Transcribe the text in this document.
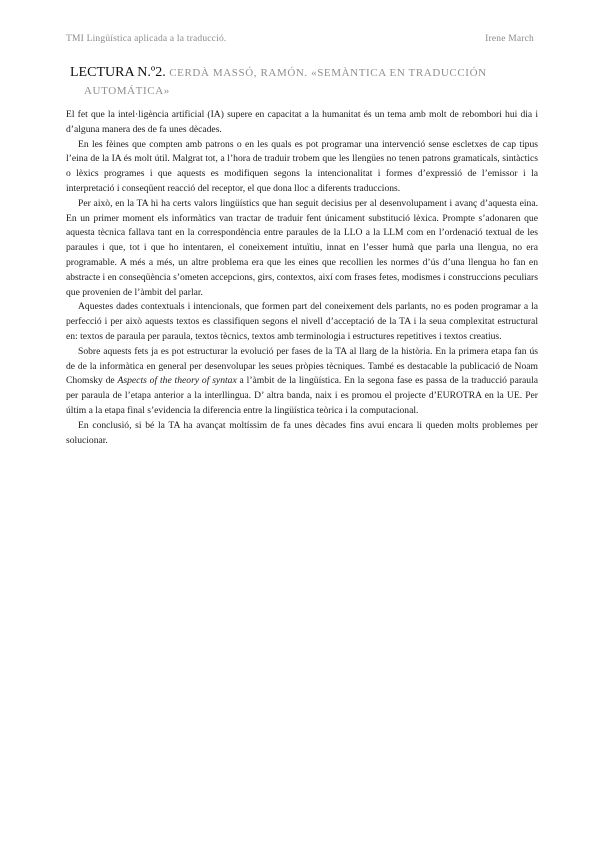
TMI Lingüística aplicada a la traducció.	Irene March
LECTURA N.º2. CERDÀ MASSÓ, RAMÓN. «SEMÀNTICA EN TRADUCCIÓN
AUTOMÁTICA»

El fet que la intel·ligència artificial (IA) supere en capacitat a la humanitat és un tema amb molt de rebombori hui dia i d’alguna manera des de fa unes dècades.

En les fèines que compten amb patrons o en les quals es pot programar una intervenció sense escletxes de cap tipus l’eina de la IA és molt útil. Malgrat tot, a l’hora de traduir trobem que les llengües no tenen patrons gramaticals, sintàctics o lèxics programes i que aquests es modifiquen segons la intencionalitat i formes d’expressió de l’emissor i la interpretació i conseqüent reacció del receptor, el que dona lloc a diferents traduccions.

Per això, en la TA hi ha certs valors lingüístics que han seguit decisius per al desenvolupament i avanç d’aquesta eina. En un primer moment els informàtics van tractar de traduir fent únicament substitució lèxica. Prompte s’adonaren que aquesta tècnica fallava tant en la correspondència entre paraules de la LLO a la LLM com en l’ordenació textual de les paraules i que, tot i que ho intentaren, el coneixement intuïtiu, innat en l’esser humà que parla una llengua, no era programable. A més a més, un altre problema era que les eines que recollien les normes d’ús d’una llengua ho fan en abstracte i en conseqüència s’ometen accepcions, girs, contextos, així com frases fetes, modismes i construccions peculiars que provenien de l’àmbit del parlar.

Aquestes dades contextuals i intencionals, que formen part del coneixement dels parlants, no es poden programar a la perfecció i per això aquests textos es classifiquen segons el nivell d’acceptació de la TA i la seua complexitat estructural en: textos de paraula per paraula, textos tècnics, textos amb terminologia i estructures repetitives i textos creatius.

Sobre aquests fets ja es pot estructurar la evolució per fases de la TA al llarg de la història. En la primera etapa fan ús de de la informàtica en general per desenvolupar les seues pròpies tècniques. També es destacable la publicació de Noam Chomsky de Aspects of the theory of syntax a l’àmbit de la lingüística. En la segona fase es passa de la traducció paraula per paraula de l’etapa anterior a la interllingua. D’ altra banda, naix i es promou el projecte d’EUROTRA en la UE. Per últim a la etapa final s’evidencia la diferencia entre la lingüística teòrica i la computacional.

En conclusió, si bé la TA ha avançat moltíssim de fa unes dècades fins avui encara li queden molts problemes per solucionar.
